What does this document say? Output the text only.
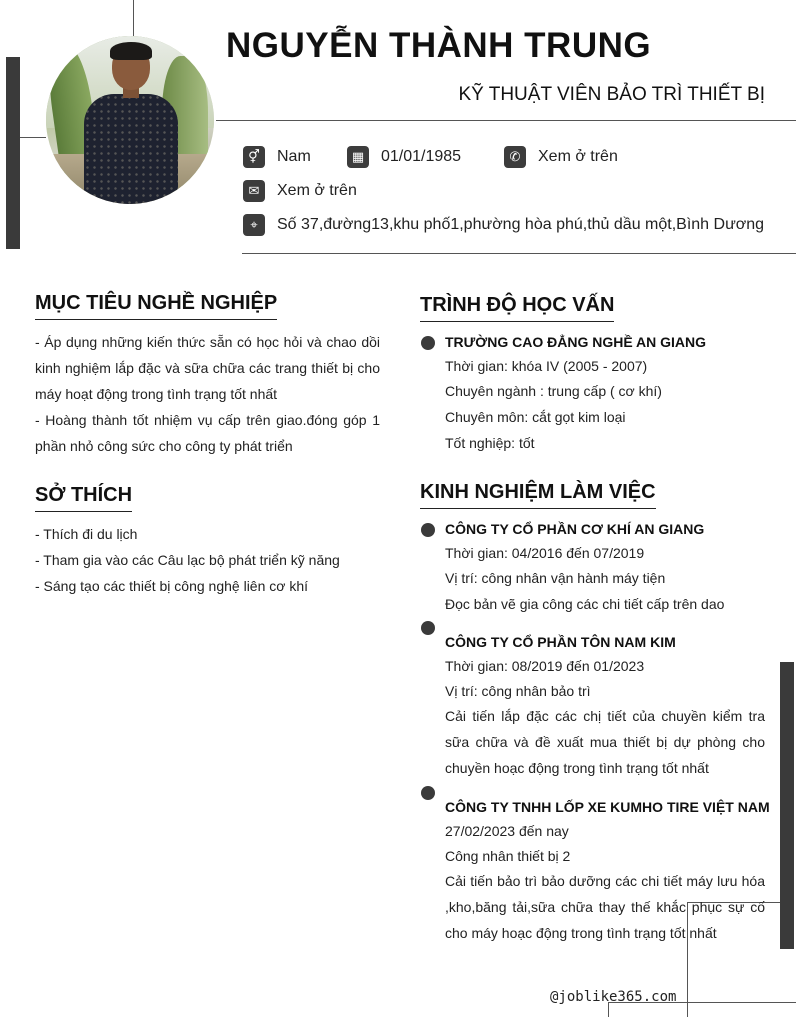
NGUYỄN THÀNH TRUNG
KỸ THUẬT VIÊN BẢO TRÌ THIẾT BỊ
⚥	Nam	▦	01/01/1985	✆	Xem ở trên
✉	Xem ở trên
⌖	Số 37,đường13,khu phố1,phường hòa phú,thủ dầu một,Bình Dương
MỤC TIÊU NGHỀ NGHIỆP

- Áp dụng những kiến thức sẵn có học hỏi và chao dồi kinh nghiệm lắp đặc và sữa chữa các trang thiết bị cho máy hoạt động trong tình trạng tốt nhất

- Hoàng thành tốt nhiệm vụ cấp trên giao.đóng góp 1 phần nhỏ công sức cho công ty phát triển

SỞ THÍCH
- Thích đi du lịch
- Tham gia vào các Câu lạc bộ phát triển kỹ năng
- Sáng tạo các thiết bị công nghệ liên cơ khí
TRÌNH ĐỘ HỌC VẤN
TRƯỜNG CAO ĐẲNG NGHỀ AN GIANG
Thời gian: khóa IV (2005 - 2007)
Chuyên ngành : trung cấp ( cơ khí)
Chuyên môn: cắt gọt kim loại
Tốt nghiệp: tốt
KINH NGHIỆM LÀM VIỆC
CÔNG TY CỔ PHẦN CƠ KHÍ AN GIANG
Thời gian: 04/2016 đến 07/2019
Vị trí: công nhân vận hành máy tiện
Đọc bản vẽ gia công các chi tiết cấp trên dao
CÔNG TY CỔ PHẦN TÔN NAM KIM
Thời gian: 08/2019 đến 01/2023
Vị trí: công nhân bảo trì
Cải tiến lắp đặc các chị tiết của chuyền kiểm tra sữa chữa và đề xuất mua thiết bị dự phòng cho chuyền hoạc động trong tình trạng tốt nhất
CÔNG TY TNHH LỐP XE KUMHO TIRE VIỆT NAM
27/02/2023 đến nay
Công nhân thiết bị 2
Cải tiến bảo trì bảo dưỡng các chi tiết máy lưu hóa ,kho,băng tải,sữa chữa thay thế khắc phục sự cố cho máy hoạc động trong tình trạng tốt nhất
@joblike365.com
